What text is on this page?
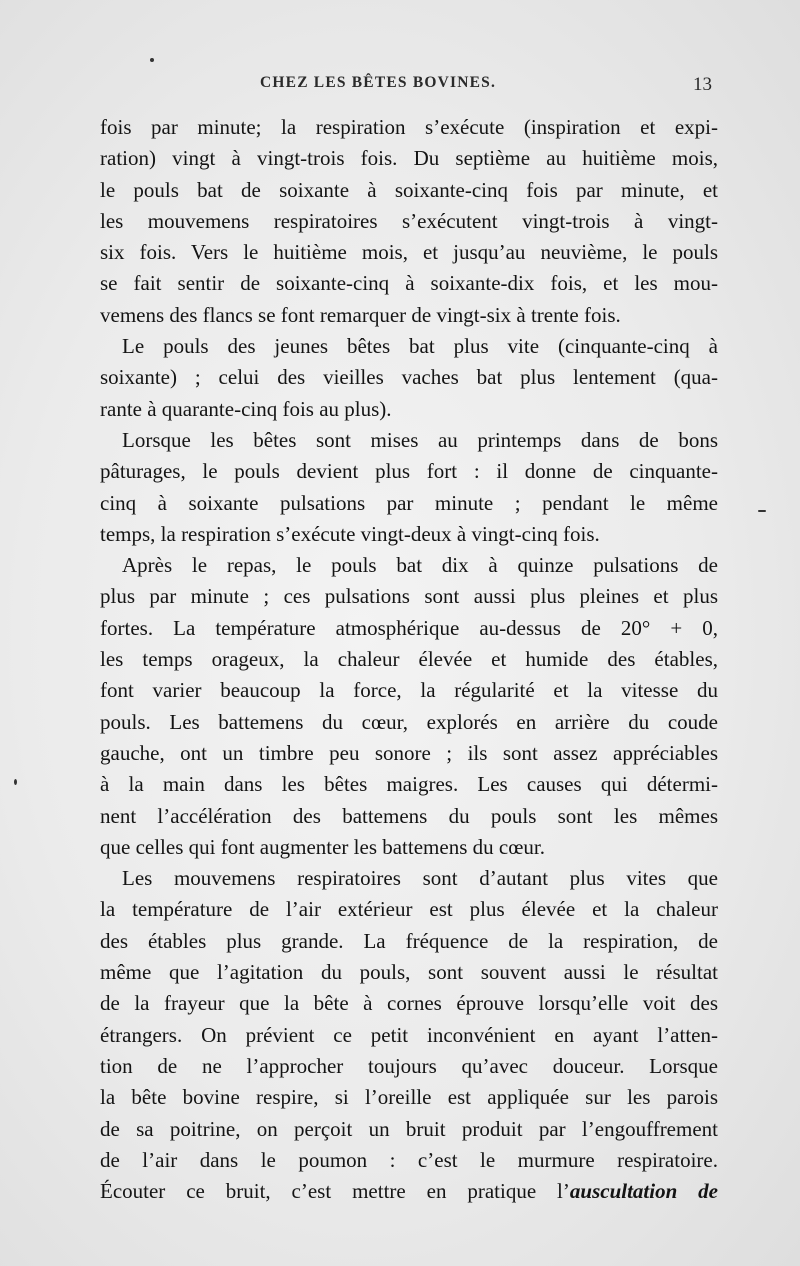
CHEZ LES BÊTES BOVINES.	13
fois par minute; la respiration s’exécute (inspiration et expi-
ration) vingt à vingt-trois fois. Du septième au huitième mois,
le pouls bat de soixante à soixante-cinq fois par minute, et
les mouvemens respiratoires s’exécutent vingt-trois à vingt-
six fois. Vers le huitième mois, et jusqu’au neuvième, le pouls
se fait sentir de soixante-cinq à soixante-dix fois, et les mou-
vemens des flancs se font remarquer de vingt-six à trente fois.
Le pouls des jeunes bêtes bat plus vite (cinquante-cinq à
soixante) ; celui des vieilles vaches bat plus lentement (qua-
rante à quarante-cinq fois au plus).
Lorsque les bêtes sont mises au printemps dans de bons
pâturages, le pouls devient plus fort : il donne de cinquante-
cinq à soixante pulsations par minute ; pendant le même
temps, la respiration s’exécute vingt-deux à vingt-cinq fois.
Après le repas, le pouls bat dix à quinze pulsations de
plus par minute ; ces pulsations sont aussi plus pleines et plus
fortes. La température atmosphérique au-dessus de 20° + 0,
les temps orageux, la chaleur élevée et humide des étables,
font varier beaucoup la force, la régularité et la vitesse du
pouls. Les battemens du cœur, explorés en arrière du coude
gauche, ont un timbre peu sonore ; ils sont assez appréciables
à la main dans les bêtes maigres. Les causes qui détermi-
nent l’accélération des battemens du pouls sont les mêmes
que celles qui font augmenter les battemens du cœur.
Les mouvemens respiratoires sont d’autant plus vites que
la température de l’air extérieur est plus élevée et la chaleur
des étables plus grande. La fréquence de la respiration, de
même que l’agitation du pouls, sont souvent aussi le résultat
de la frayeur que la bête à cornes éprouve lorsqu’elle voit des
étrangers. On prévient ce petit inconvénient en ayant l’atten-
tion de ne l’approcher toujours qu’avec douceur. Lorsque
la bête bovine respire, si l’oreille est appliquée sur les parois
de sa poitrine, on perçoit un bruit produit par l’engouffrement
de l’air dans le poumon : c’est le murmure respiratoire.
Écouter ce bruit, c’est mettre en pratique l’auscultation de
